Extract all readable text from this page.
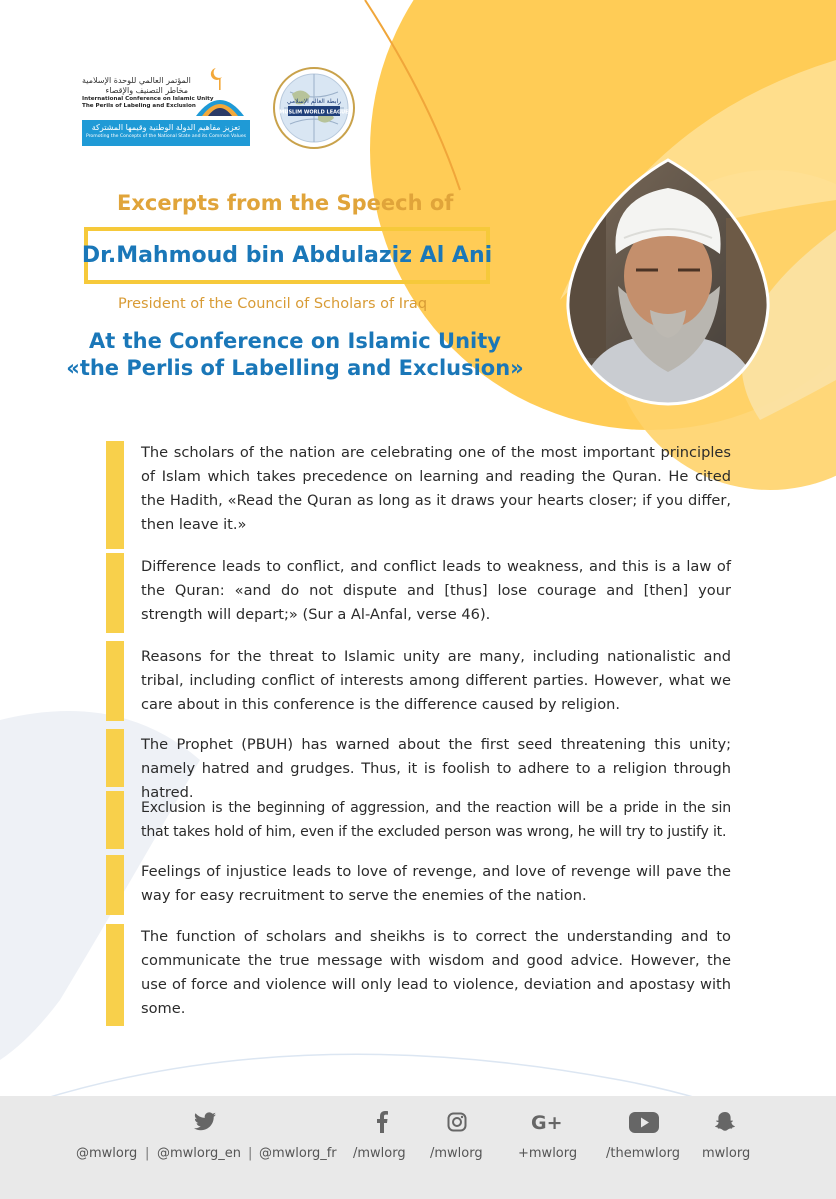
المؤتمر العالمي للوحدة الإسلامية
مخاطر التصنيف والإقصاء
International Conference on Islamic Unity
The Perils of Labeling and Exclusion
تعزيز مفاهيم الدولة الوطنية وقيمها المشتركة
Promoting the Concepts of the National State and its Common Values
رابطة العالم الإسلامي
MUSLIM WORLD LEAGUE
Excerpts from the Speech of
Dr.Mahmoud bin Abdulaziz Al Ani
President of the Council of Scholars of Iraq
At the Conference on Islamic Unity
«the Perlis of Labelling and Exclusion»
The scholars of the nation are celebrating one of the most important principles of Islam which takes precedence on learning and reading the Quran. He cited the Hadith, «Read the Quran as long as it draws your hearts closer; if you differ, then leave it.»
Difference leads to conflict, and conflict leads to weakness, and this is a law of the Quran: «and do not dispute and [thus] lose courage and [then] your strength will depart;» (Sur a Al-Anfal, verse 46).
Reasons for the threat to Islamic unity are many, including nationalistic and tribal, including conflict of interests among different parties. However, what we care about in this conference is the difference caused by religion.
The Prophet (PBUH) has warned about the first seed threatening this unity; namely hatred and grudges. Thus, it is foolish to adhere to a religion through hatred.
Exclusion is the beginning of aggression, and the reaction will be a pride in the sin that takes hold of him, even if the excluded person was wrong, he will try to justify it.
Feelings of injustice leads to love of revenge, and love of revenge will pave the way for easy recruitment to serve the enemies of the nation.
The function of scholars and sheikhs is to correct the understanding and to communicate the true message with wisdom and good advice. However, the use of force and violence will only lead to violence, deviation and apostasy with some.
G+
@mwlorg | @mwlorg_en | @mwlorg_fr /mwlorg /mwlorg	+mwlorg /themwlorg mwlorg
